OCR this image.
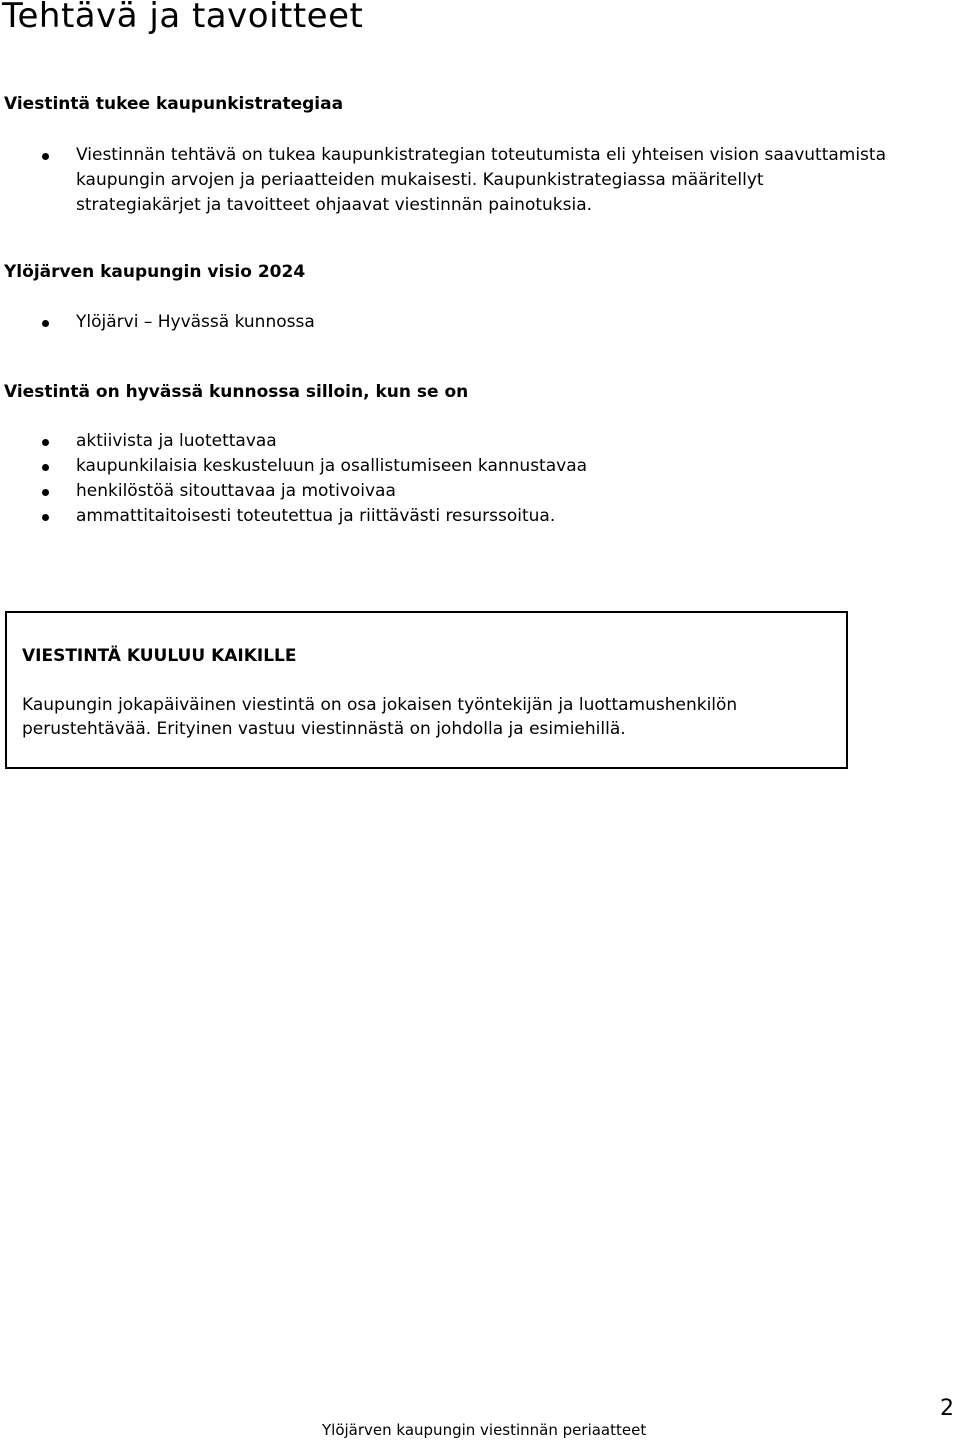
Tehtävä ja tavoitteet
Viestintä tukee kaupunkistrategiaa
Viestinnän tehtävä on tukea kaupunkistrategian toteutumista eli yhteisen vision saavuttamista
kaupungin arvojen ja periaatteiden mukaisesti. Kaupunkistrategiassa määritellyt
strategiakärjet ja tavoitteet ohjaavat viestinnän painotuksia.
Ylöjärven kaupungin visio 2024
Ylöjärvi – Hyvässä kunnossa
Viestintä on hyvässä kunnossa silloin, kun se on
aktiivista ja luotettavaa
kaupunkilaisia keskusteluun ja osallistumiseen kannustavaa
henkilöstöä sitouttavaa ja motivoivaa
ammattitaitoisesti toteutettua ja riittävästi resurssoitua.
VIESTINTÄ KUULUU KAIKILLE

Kaupungin jokapäiväinen viestintä on osa jokaisen työntekijän ja luottamushenkilön
perustehtävää. Erityinen vastuu viestinnästä on johdolla ja esimiehillä.

Ylöjärven kaupungin viestinnän periaatteet
2
